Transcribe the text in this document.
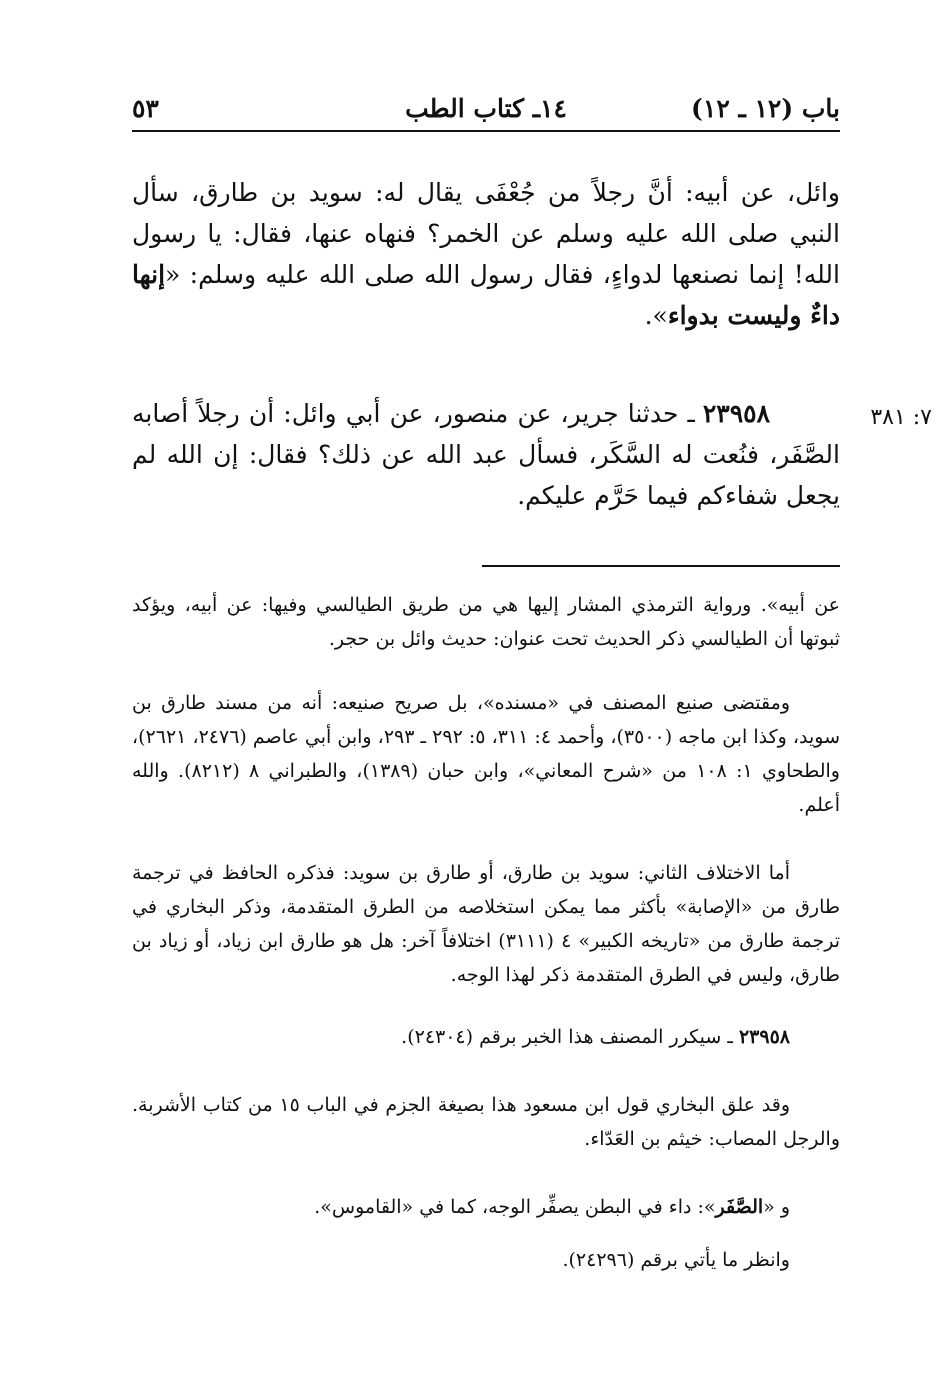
باب (١٢ ـ ١٢)
١٤ـ كتاب الطب
٥٣
وائل، عن أبيه: أنَّ رجلاً من جُعْفَى يقال له: سويد بن طارق، سأل النبي صلى الله عليه وسلم عن الخمر؟ فنهاه عنها، فقال: يا رسول الله! إنما نصنعها لدواءٍ، فقال رسول الله صلى الله عليه وسلم: «إنها داءٌ وليست بدواء».
٧: ٣٨١
٢٣٩٥٨ـ حدثنا جرير، عن منصور، عن أبي وائل: أن رجلاً أصابه الصَّفَر، فنُعت له السَّكَر، فسأل عبد الله عن ذلك؟ فقال: إن الله لم يجعل شفاءكم فيما حَرَّم عليكم.
عن أبيه». ورواية الترمذي المشار إليها هي من طريق الطيالسي وفيها: عن أبيه، ويؤكد ثبوتها أن الطيالسي ذكر الحديث تحت عنوان: حديث وائل بن حجر.
ومقتضى صنيع المصنف في «مسنده»، بل صريح صنيعه: أنه من مسند طارق بن سويد، وكذا ابن ماجه (٣٥٠٠)، وأحمد ٤: ٣١١، ٥: ٢٩٢ ـ ٢٩٣، وابن أبي عاصم (٢٤٧٦، ٢٦٢١)، والطحاوي ١: ١٠٨ من «شرح المعاني»، وابن حبان (١٣٨٩)، والطبراني ٨ (٨٢١٢). والله أعلم.
أما الاختلاف الثاني: سويد بن طارق، أو طارق بن سويد: فذكره الحافظ في ترجمة طارق من «الإصابة» بأكثر مما يمكن استخلاصه من الطرق المتقدمة، وذكر البخاري في ترجمة طارق من «تاريخه الكبير» ٤ (٣١١١) اختلافاً آخر: هل هو طارق ابن زياد، أو زياد بن طارق، وليس في الطرق المتقدمة ذكر لهذا الوجه.
٢٣٩٥٨ ـ سيكرر المصنف هذا الخبر برقم (٢٤٣٠٤).
وقد علق البخاري قول ابن مسعود هذا بصيغة الجزم في الباب ١٥ من كتاب الأشربة. والرجل المصاب: خيثم بن العَدّاء.
و «الصَّفَر»: داء في البطن يصفِّر الوجه، كما في «القاموس».
وانظر ما يأتي برقم (٢٤٢٩٦).
